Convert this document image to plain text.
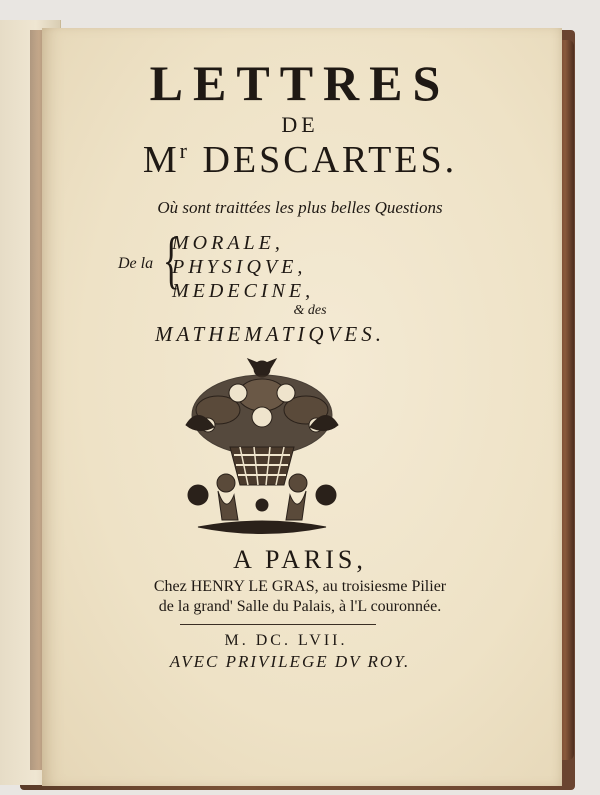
LETTRES
DE
$M^r$ DESCARTES.
Où sont traittées les plus belles Questions
De la {
MORALE,
PHYSIQVE,
MEDECINE,
& des
MATHEMATIQVES.
A PARIS,
Chez HENRY LE GRAS, au troisiesme Pilier
de la grand' Salle du Palais, à l'L couronnée.
M. DC. LVII.
AVEC PRIVILEGE DV ROY.
